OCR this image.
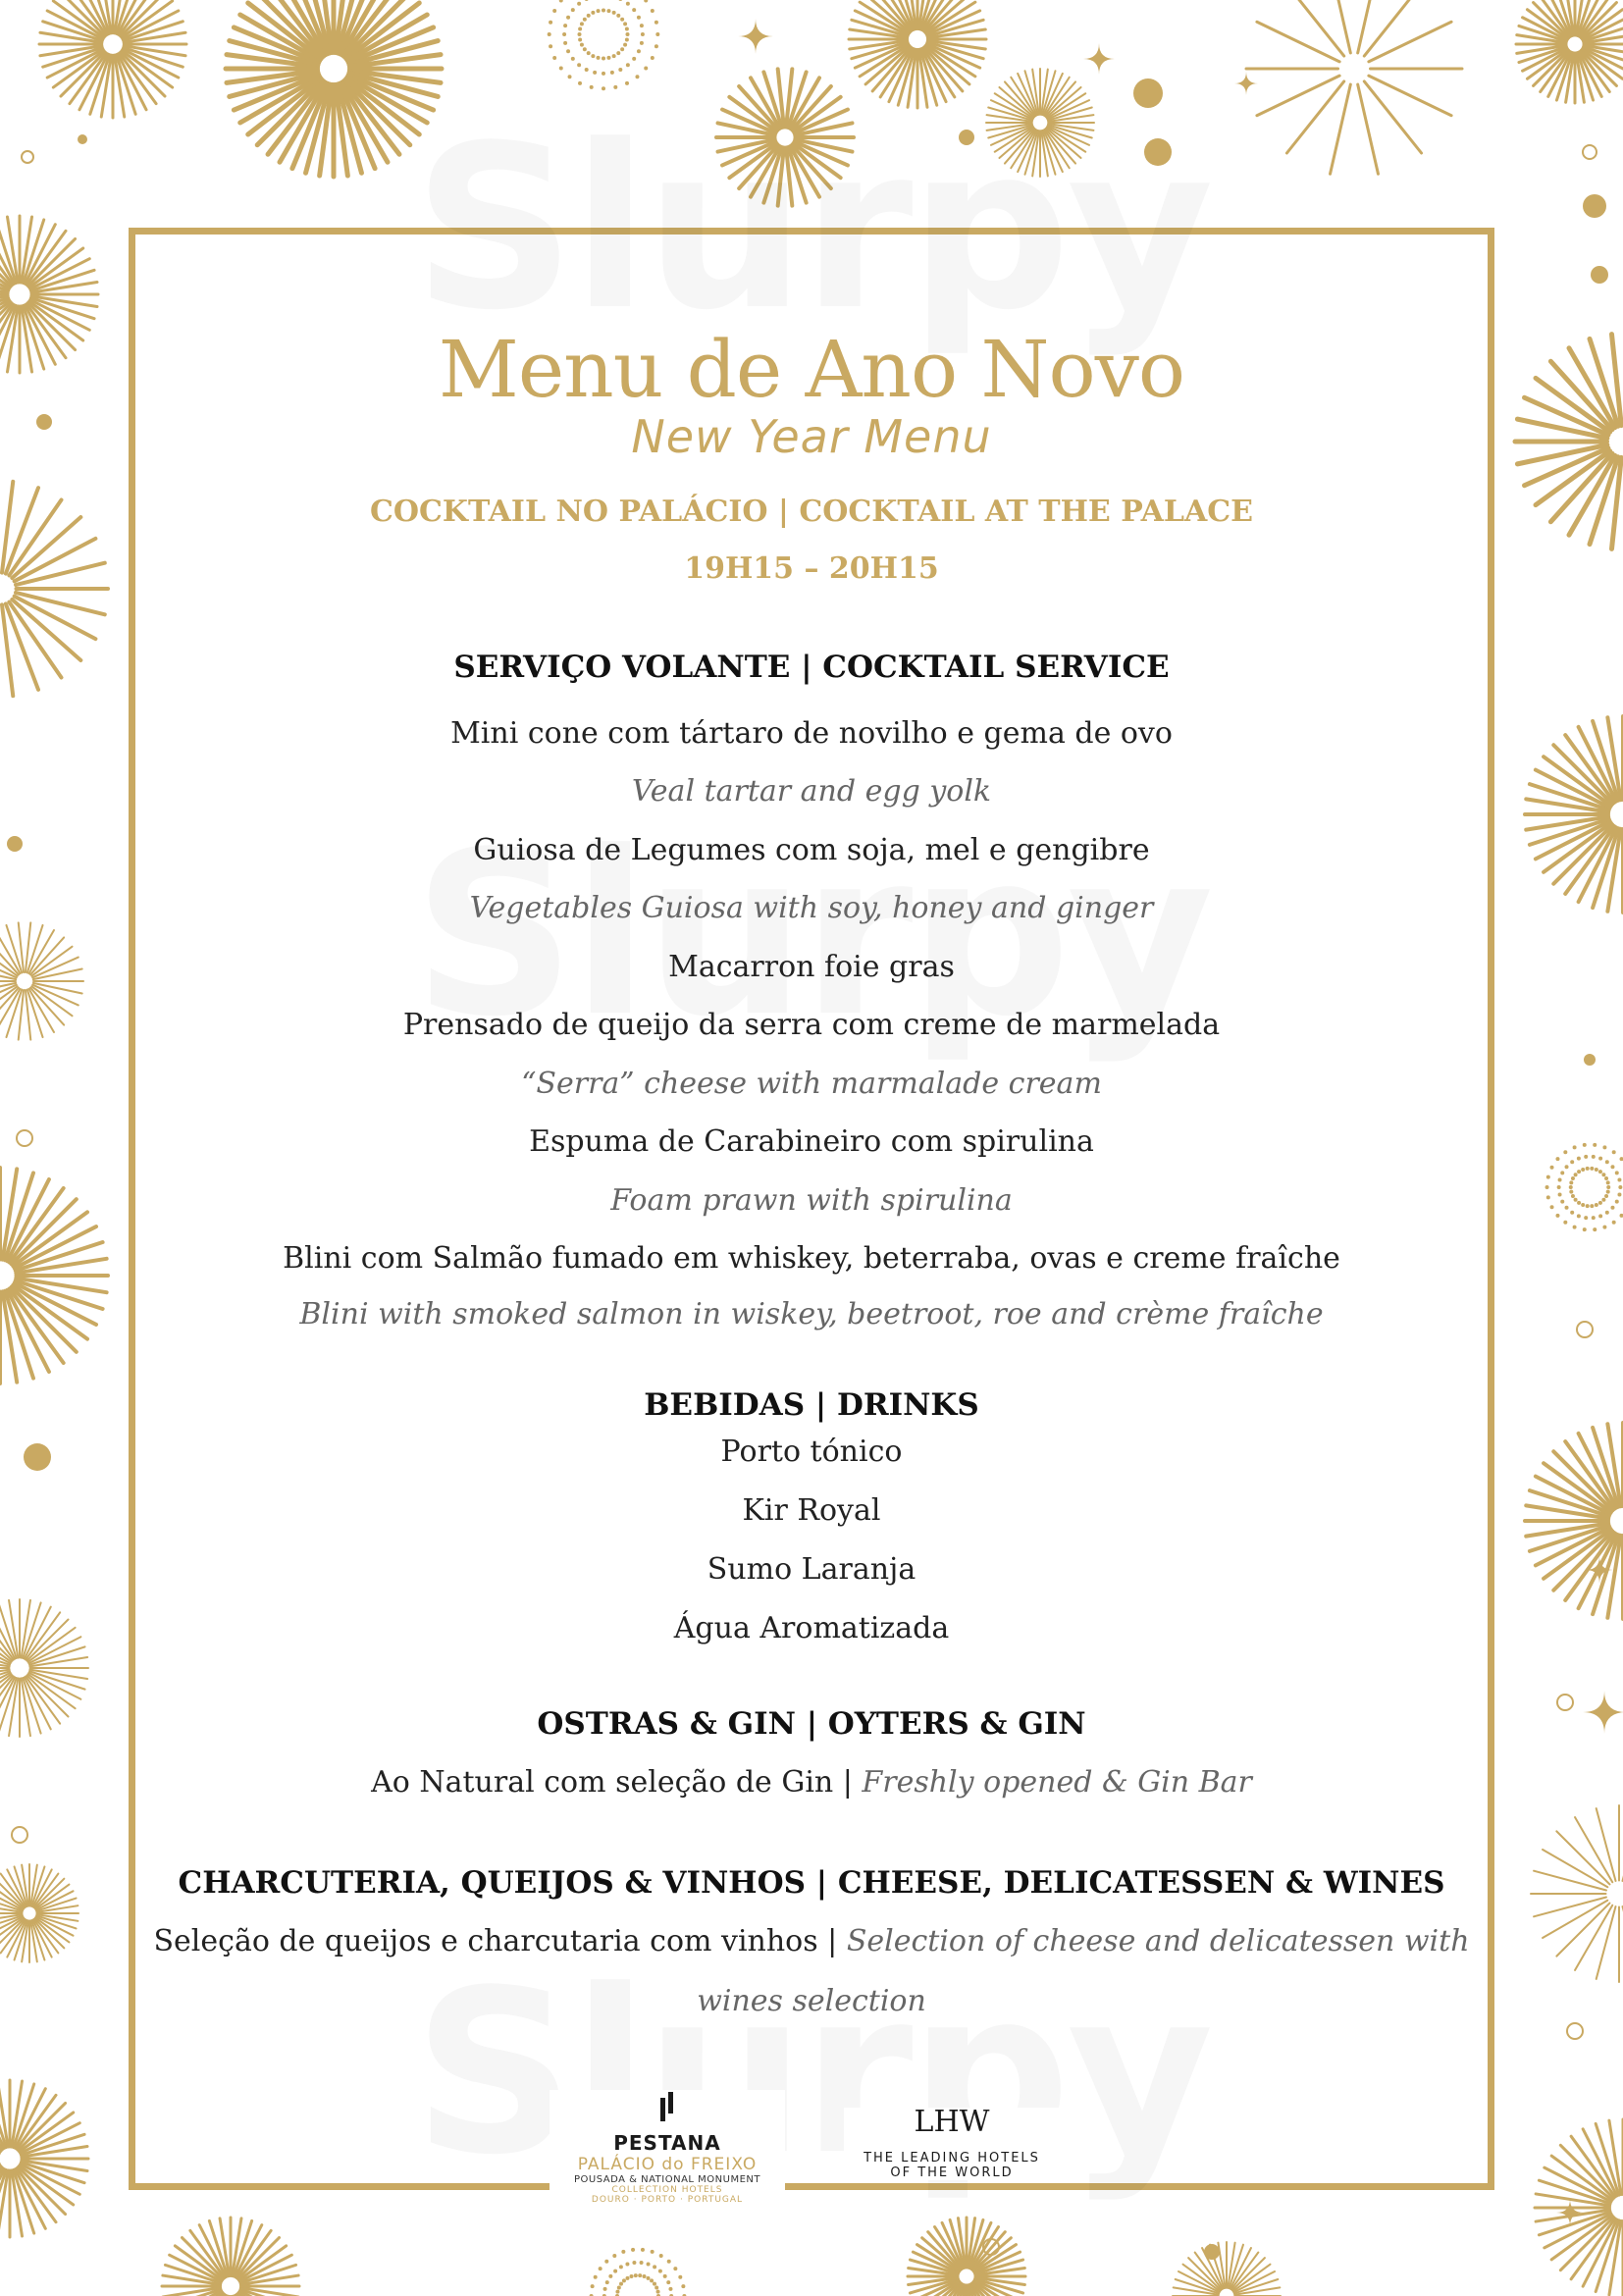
Menu de Ano Novo
New Year Menu
COCKTAIL NO PALÁCIO | COCKTAIL AT THE PALACE
19H15 – 20H15
SERVIÇO VOLANTE | COCKTAIL SERVICE
Mini cone com tártaro de novilho e gema de ovo
Veal tartar and egg yolk
Guiosa de Legumes com soja, mel e gengibre
Vegetables Guiosa with soy, honey and ginger
Macarron foie gras
Prensado de queijo da serra com creme de marmelada
“Serra” cheese with marmalade cream
Espuma de Carabineiro com spirulina
Foam prawn with spirulina
Blini com Salmão fumado em whiskey, beterraba, ovas e creme fraîche
Blini with smoked salmon in wiskey, beetroot, roe and crème fraîche
BEBIDAS | DRINKS
Porto tónico
Kir Royal
Sumo Laranja
Água Aromatizada
OSTRAS & GIN | OYTERS & GIN
Ao Natural com seleção de Gin | Freshly opened & Gin Bar
CHARCUTERIA, QUEIJOS & VINHOS | CHEESE, DELICATESSEN & WINES
Seleção de queijos e charcutaria com vinhos | Selection of cheese and delicatessen with
wines selection
PESTANA
PALÁCIO do FREIXO
POUSADA & NATIONAL MONUMENT
COLLECTION HOTELS
DOURO · PORTO · PORTUGAL
LHW
THE LEADING HOTELS
OF THE WORLD
